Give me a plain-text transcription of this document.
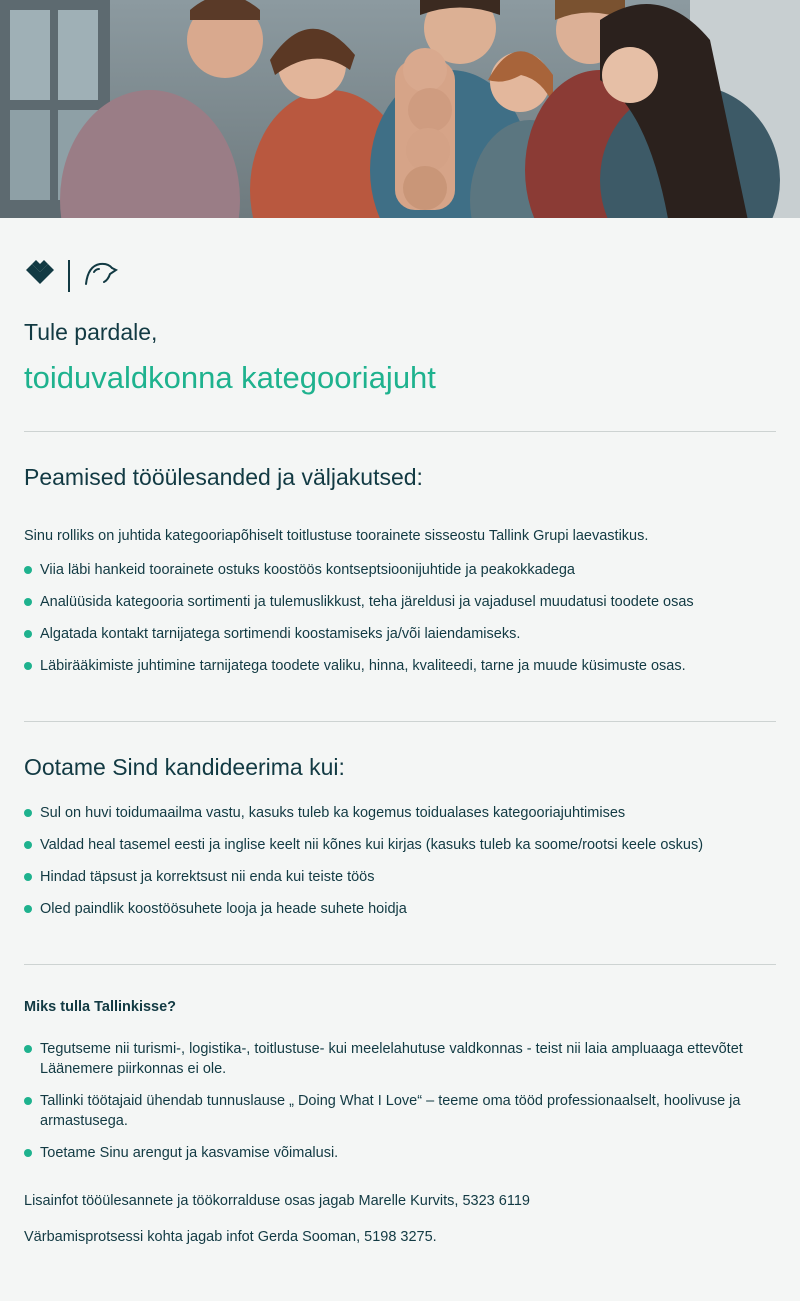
Tule pardale,
toiduvaldkonna kategooriajuht
Peamised tööülesanded ja väljakutsed:

Sinu rolliks on juhtida kategooriapõhiselt toitlustuse toorainete sisseostu Tallink Grupi laevastikus.

Viia läbi hankeid toorainete ostuks koostöös kontseptsioonijuhtide ja peakokkadega
Analüüsida kategooria sortimenti ja tulemuslikkust, teha järeldusi ja vajadusel muudatusi toodete osas
Algatada kontakt tarnijatega sortimendi koostamiseks ja/või laiendamiseks.
Läbirääkimiste juhtimine tarnijatega toodete valiku, hinna, kvaliteedi, tarne ja muude küsimuste osas.
Ootame Sind kandideerima kui:
Sul on huvi toidumaailma vastu, kasuks tuleb ka kogemus toidualases kategooriajuhtimises
Valdad heal tasemel eesti ja inglise keelt nii kõnes kui kirjas (kasuks tuleb ka soome/rootsi keele oskus)
Hindad täpsust ja korrektsust nii enda kui teiste töös
Oled paindlik koostöösuhete looja ja heade suhete hoidja
Miks tulla Tallinkisse?
Tegutseme nii turismi-, logistika-, toitlustuse- kui meelelahutuse valdkonnas - teist nii laia ampluaaga ettevõtet Läänemere piirkonnas ei ole.
Tallinki töötajaid ühendab tunnuslause „ Doing What I Love“ – teeme oma tööd professionaalselt, hoolivuse ja armastusega.
Toetame Sinu arengut ja kasvamise võimalusi.

Lisainfot tööülesannete ja töökorralduse osas jagab Marelle Kurvits, 5323 6119

Värbamisprotsessi kohta jagab infot Gerda Sooman, 5198 3275.
